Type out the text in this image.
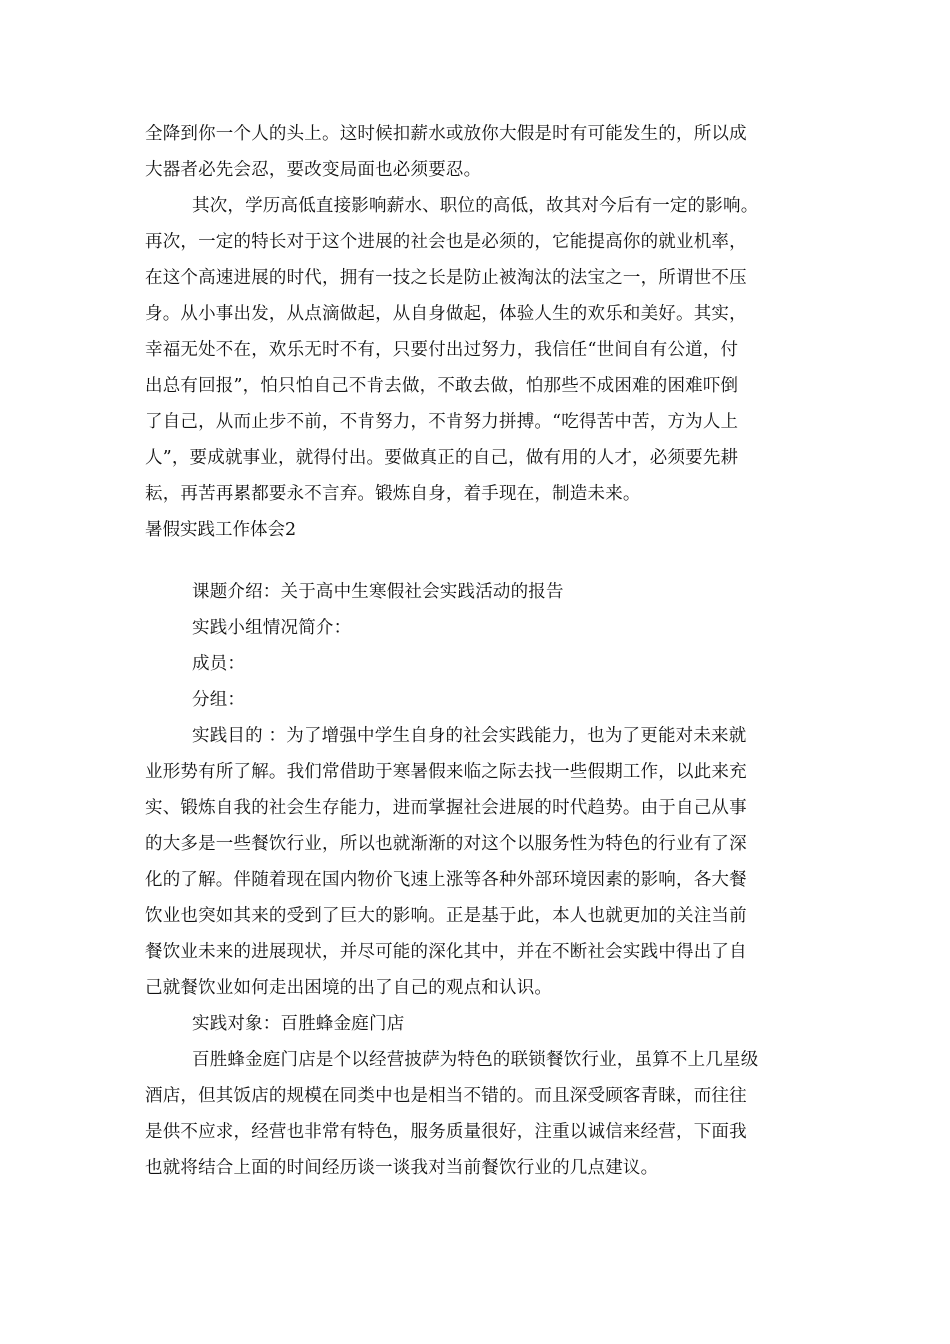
全降到你一个人的头上。这时候扣薪水或放你大假是时有可能发生的，所以成
大器者必先会忍，要改变局面也必须要忍。
其次，学历高低直接影响薪水、职位的高低，故其对今后有一定的影响。
再次，一定的特长对于这个进展的社会也是必须的，它能提高你的就业机率，
在这个高速进展的时代，拥有一技之长是防止被淘汰的法宝之一，所谓世不压
身。从小事出发，从点滴做起，从自身做起，体验人生的欢乐和美好。其实，
幸福无处不在，欢乐无时不有，只要付出过努力，我信任“世间自有公道，付
出总有回报”，怕只怕自己不肯去做，不敢去做，怕那些不成困难的困难吓倒
了自己，从而止步不前，不肯努力，不肯努力拼搏。“吃得苦中苦，方为人上
人”，要成就事业，就得付出。要做真正的自己，做有用的人才，必须要先耕
耘，再苦再累都要永不言弃。锻炼自身，着手现在，制造未来。
暑假实践工作体会2
课题介绍：关于高中生寒假社会实践活动的报告
实践小组情况简介：
成员：
分组：
实践目的 ：为了增强中学生自身的社会实践能力，也为了更能对未来就
业形势有所了解。我们常借助于寒暑假来临之际去找一些假期工作，以此来充
实、锻炼自我的社会生存能力，进而掌握社会进展的时代趋势。由于自己从事
的大多是一些餐饮行业，所以也就渐渐的对这个以服务性为特色的行业有了深
化的了解。伴随着现在国内物价飞速上涨等各种外部环境因素的影响，各大餐
饮业也突如其来的受到了巨大的影响。正是基于此，本人也就更加的关注当前
餐饮业未来的进展现状，并尽可能的深化其中，并在不断社会实践中得出了自
己就餐饮业如何走出困境的出了自己的观点和认识。
实践对象：百胜蜂金庭门店
百胜蜂金庭门店是个以经营披萨为特色的联锁餐饮行业，虽算不上几星级
酒店，但其饭店的规模在同类中也是相当不错的。而且深受顾客青睐，而往往
是供不应求，经营也非常有特色，服务质量很好，注重以诚信来经营，下面我
也就将结合上面的时间经历谈一谈我对当前餐饮行业的几点建议。
